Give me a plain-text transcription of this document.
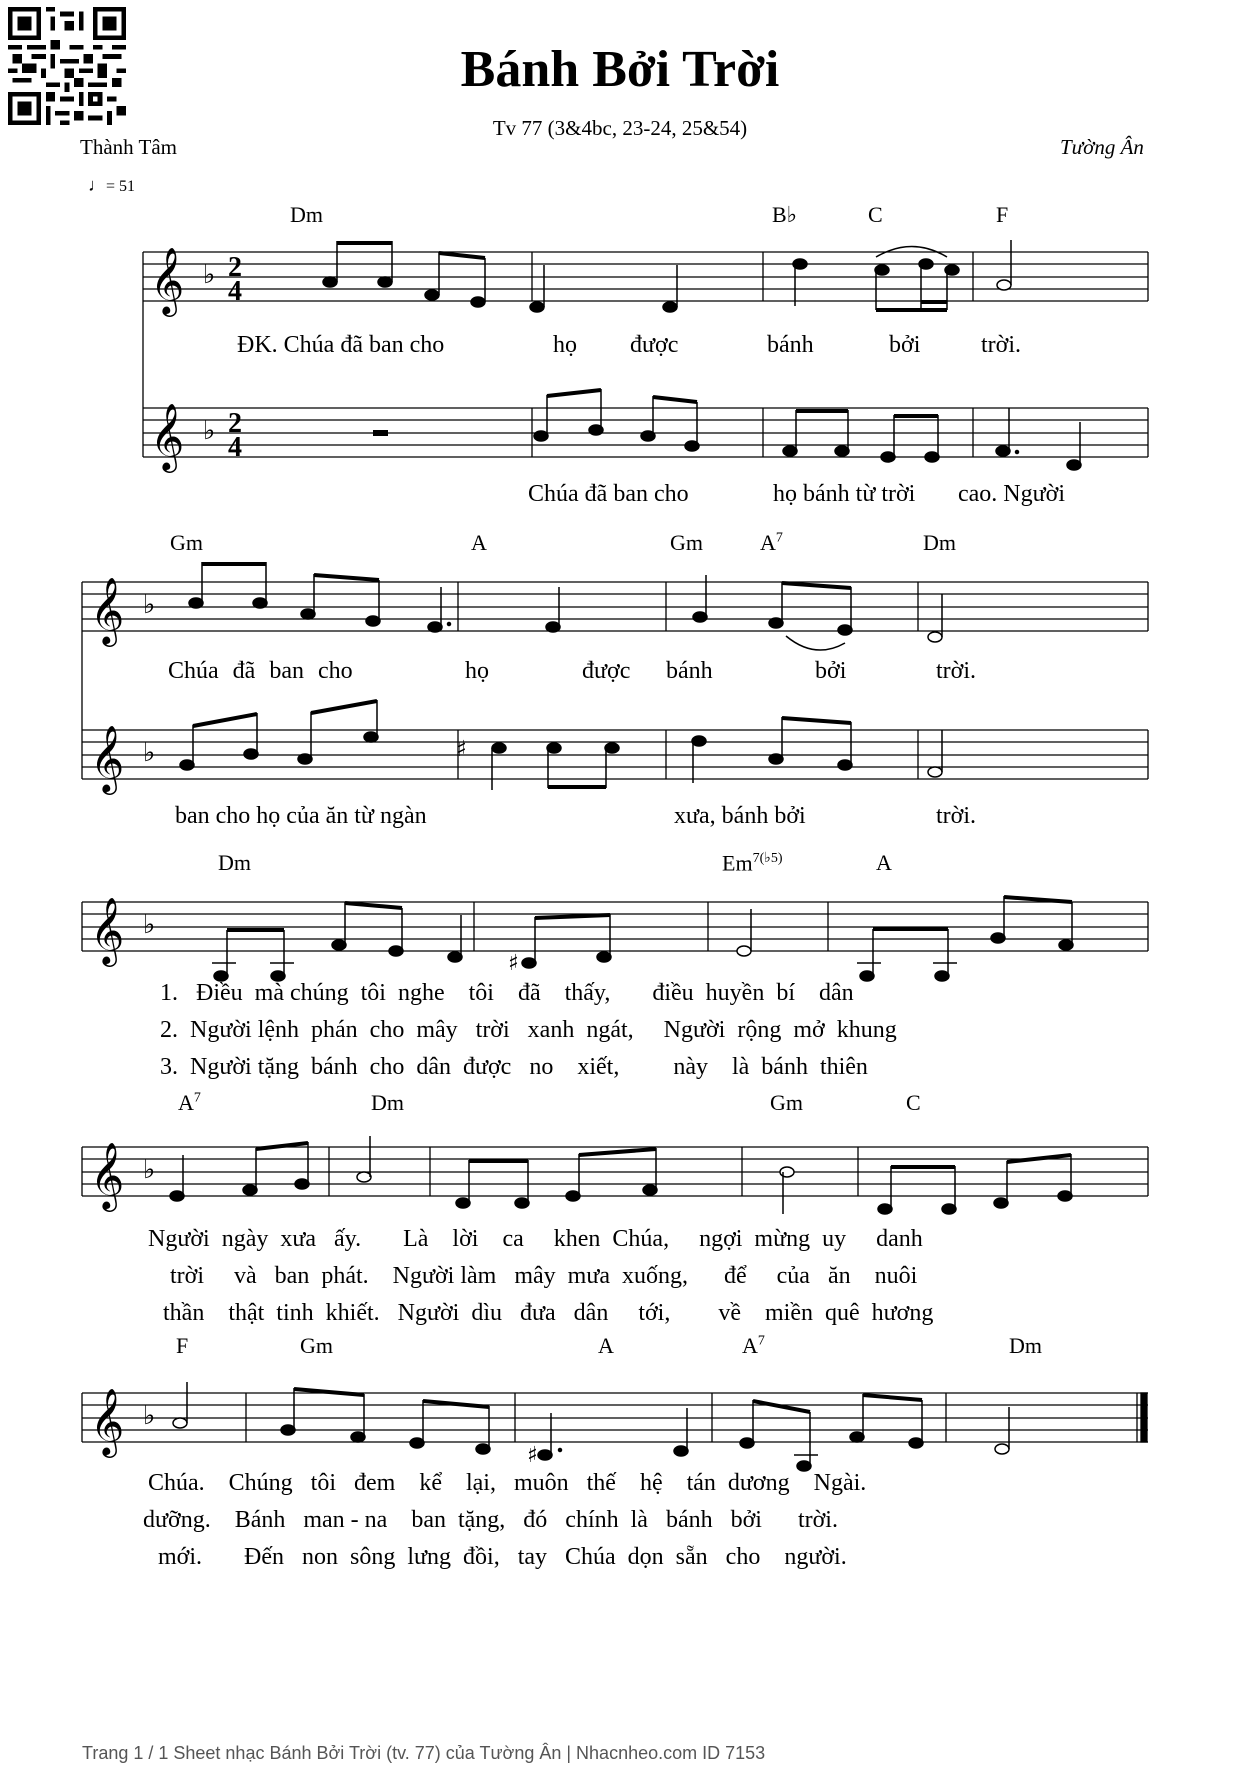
Bánh Bởi Trời
Tv 77 (3&4bc, 23-24, 25&54)
Thành Tâm	Tường Ân
♩= 51
𝄞 ♭ 2
4
𝄞 ♭ 2
4
𝄞 ♭
𝄞 ♭
𝄞 ♭
𝄞 ♭
𝄞 ♭
♯
♯
♯
Dm	B♭	C	F
ĐK. Chúa đã ban cho	họ được	bánh	bởi	trời.
Chúa đã ban cho	họ bánh từ trời cao. Người
Gm	A	Gm	$A^7$	Dm
Chúa đã ban cho	họ	được bánh	bởi	trời.
ban cho họ của ăn từ ngàn	xưa, bánh bởi	trời.
Dm	$Em^{7(♭5)}$	A
1.   Điều  mà chúng  tôi  nghe    tôi    đã    thấy,       điều  huyền  bí    dân
2.  Người lệnh  phán  cho  mây   trời   xanh  ngát,     Người  rộng  mở  khung
3.  Người tặng  bánh  cho  dân  được   no    xiết,         này    là  bánh  thiên
$A^7$	Dm	Gm	C
Người  ngày  xưa   ấy.       Là    lời    ca     khen  Chúa,     ngợi  mừng  uy     danh
trời     và   ban  phát.    Người làm   mây  mưa  xuống,      để     của   ăn    nuôi
thần    thật  tinh  khiết.   Người  dìu   đưa   dân     tới,        về    miền  quê  hương
F	Gm	A	$A^7$	Dm
Chúa.    Chúng   tôi   đem    kể    lại,   muôn   thế    hệ    tán  dương    Ngài.
dưỡng.    Bánh   man - na    ban  tặng,   đó   chính  là   bánh   bởi      trời.
mới.       Đến   non  sông  lưng  đồi,   tay   Chúa  dọn  sẵn   cho    người.
Trang 1 / 1 Sheet nhạc Bánh Bởi Trời (tv. 77) của Tường Ân | Nhacnheo.com ID 7153
